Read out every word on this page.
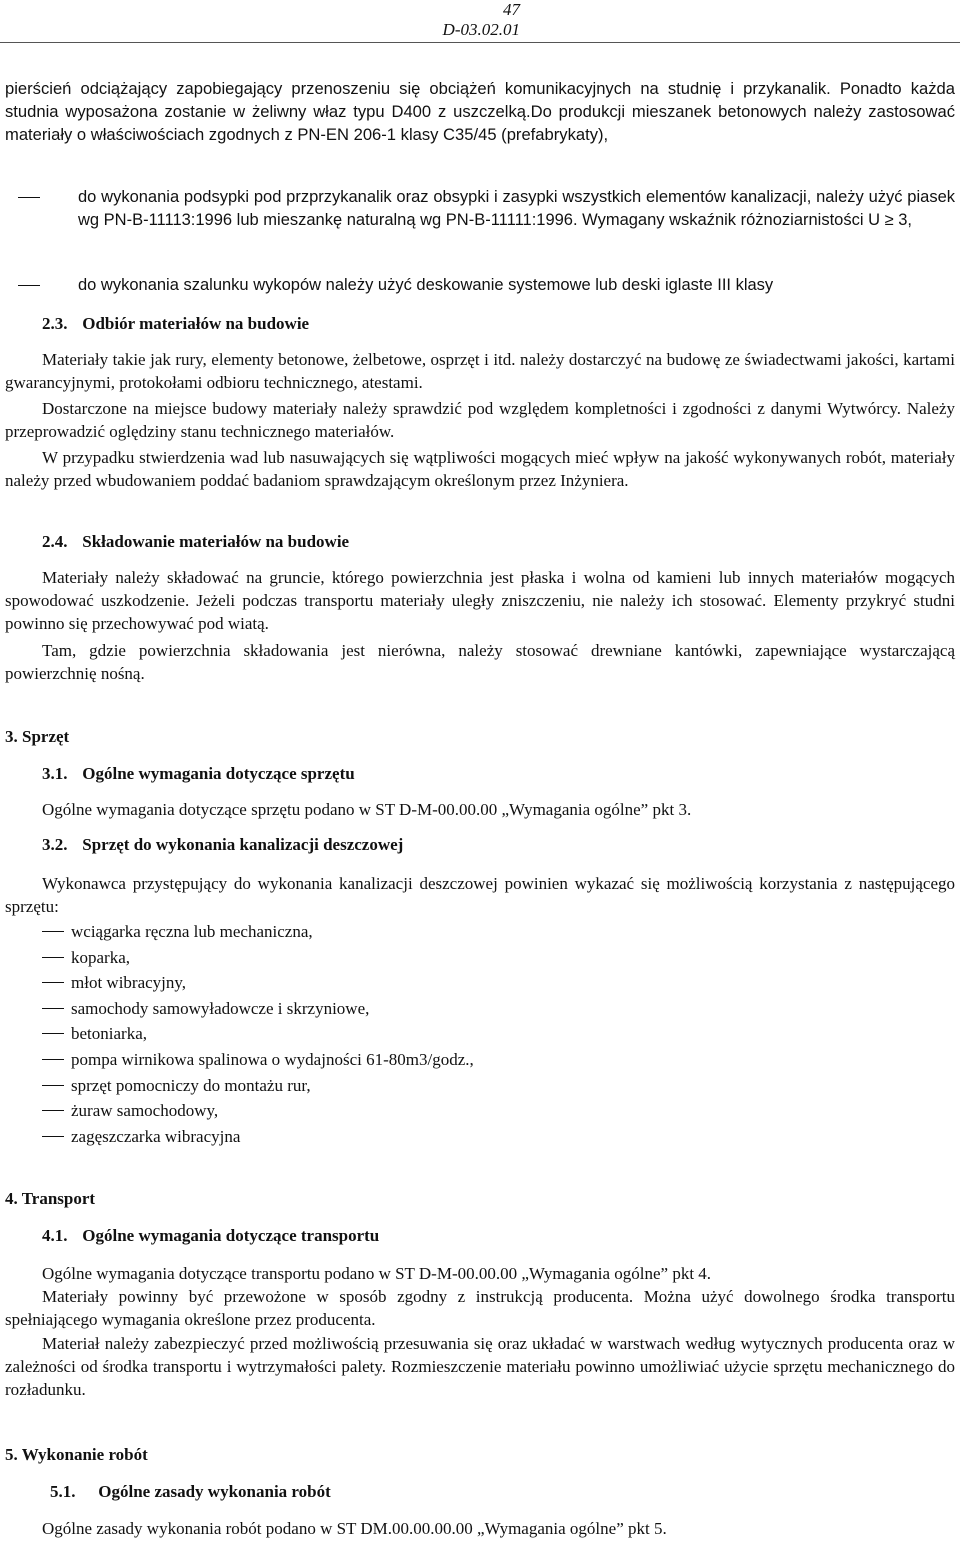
47
D-03.02.01

pierścień odciążający zapobiegający przenoszeniu się obciążeń komunikacyjnych na studnię i przykanalik. Ponadto każda studnia wyposażona zostanie w żeliwny właz typu D400 z uszczelką.Do produkcji mieszanek betonowych należy zastosować materiały o właściwościach zgodnych z PN-EN 206-1 klasy C35/45 (prefabrykaty),

do wykonania podsypki pod przprzykanalik oraz obsypki i zasypki wszystkich elementów kanalizacji, należy użyć piasek wg PN-B-11113:1996 lub mieszankę naturalną wg PN-B-11111:1996. Wymagany wskaźnik różnoziarnistości U ≥ 3,
do wykonania szalunku wykopów należy użyć deskowanie systemowe lub deski iglaste III klasy
2.3. Odbiór materiałów na budowie

Materiały takie jak rury, elementy betonowe, żelbetowe, osprzęt i itd. należy dostarczyć na budowę ze świadectwami jakości, kartami gwarancyjnymi, protokołami odbioru technicznego, atestami.

Dostarczone na miejsce budowy materiały należy sprawdzić pod względem kompletności i zgodności z danymi Wytwórcy. Należy przeprowadzić oględziny stanu technicznego materiałów.

W przypadku stwierdzenia wad lub nasuwających się wątpliwości mogących mieć wpływ na jakość wykonywanych robót, materiały należy przed wbudowaniem poddać badaniom sprawdzającym określonym przez Inżyniera.

2.4. Składowanie materiałów na budowie

Materiały należy składować na gruncie, którego powierzchnia jest płaska i wolna od kamieni lub innych materiałów mogących spowodować uszkodzenie. Jeżeli podczas transportu materiały uległy zniszczeniu, nie należy ich stosować. Elementy przykryć studni powinno się przechowywać pod wiatą.

Tam, gdzie powierzchnia składowania jest nierówna, należy stosować drewniane kantówki, zapewniające wystarczającą powierzchnię nośną.

3. Sprzęt
3.1. Ogólne wymagania dotyczące sprzętu

Ogólne wymagania dotyczące sprzętu podano w ST D-M-00.00.00 „Wymagania ogólne” pkt 3.

3.2. Sprzęt do wykonania kanalizacji deszczowej

Wykonawca przystępujący do wykonania kanalizacji deszczowej powinien wykazać się możliwością korzystania z następującego sprzętu:

wciągarka ręczna lub mechaniczna,
koparka,
młot wibracyjny,
samochody samowyładowcze i skrzyniowe,
betoniarka,
pompa wirnikowa spalinowa o wydajności 61-80m3/godz.,
sprzęt pomocniczy do montażu rur,
żuraw samochodowy,
zagęszczarka wibracyjna
4. Transport
4.1. Ogólne wymagania dotyczące transportu

Ogólne wymagania dotyczące transportu podano w ST D-M-00.00.00 „Wymagania ogólne” pkt 4.

Materiały powinny być przewożone w sposób zgodny z instrukcją producenta. Można użyć dowolnego środka transportu spełniającego wymagania określone przez producenta.

Materiał należy zabezpieczyć przed możliwością przesuwania się oraz układać w warstwach według wytycznych producenta oraz w zależności od środka transportu i wytrzymałości palety. Rozmieszczenie materiału powinno umożliwiać użycie sprzętu mechanicznego do rozładunku.

5. Wykonanie robót
5.1. Ogólne zasady wykonania robót

Ogólne zasady wykonania robót podano w ST DM.00.00.00.00 „Wymagania ogólne” pkt 5.
